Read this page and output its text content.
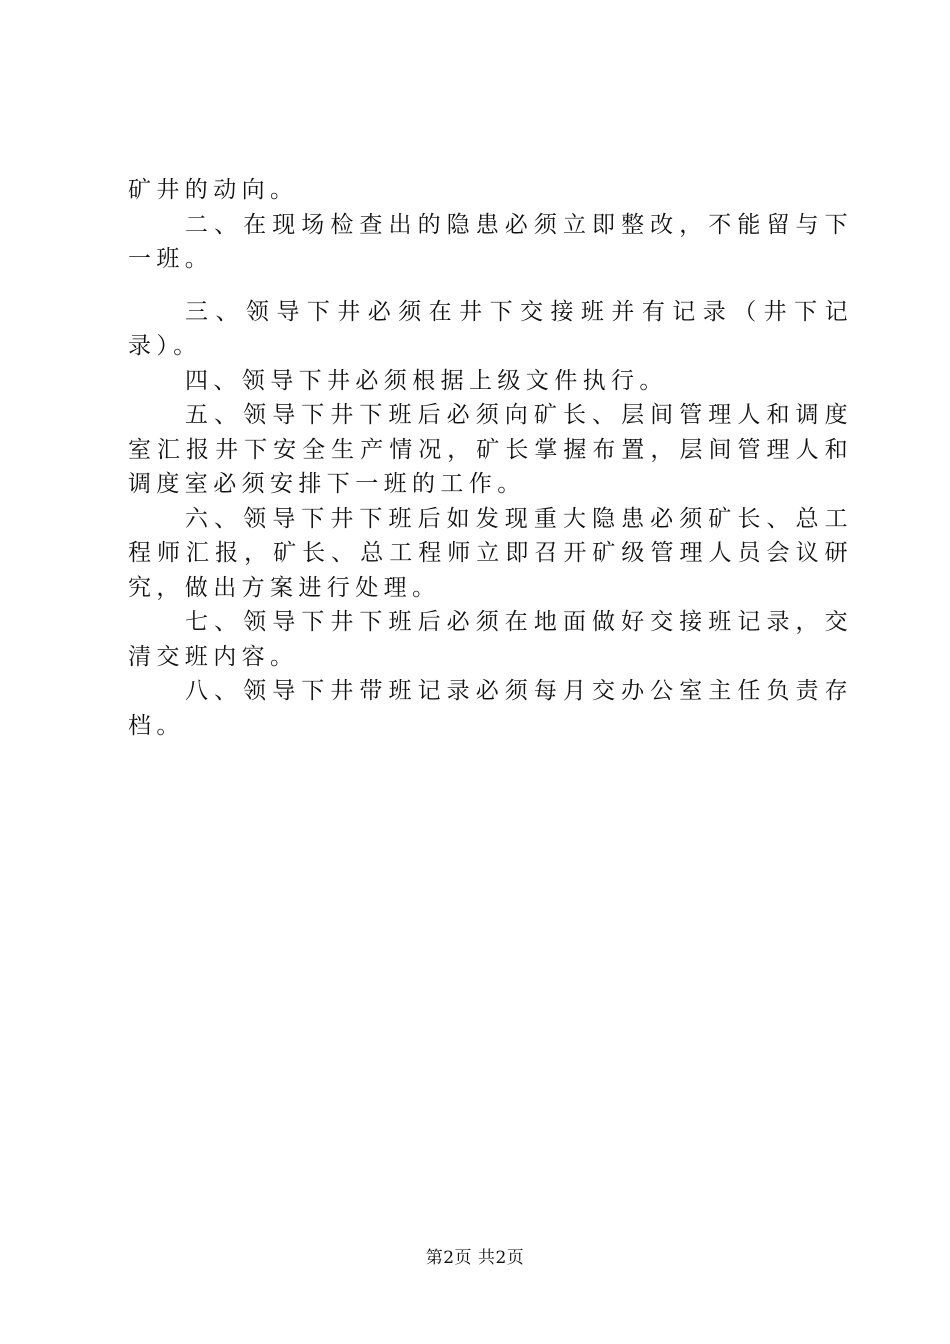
矿井的动向。

二、在现场检查出的隐患必须立即整改，不能留与下一班。

三、领导下井必须在井下交接班并有记录（井下记录）。

四、领导下井必须根据上级文件执行。

五、领导下井下班后必须向矿长、层间管理人和调度室汇报井下安全生产情况，矿长掌握布置，层间管理人和调度室必须安排下一班的工作。

六、领导下井下班后如发现重大隐患必须矿长、总工程师汇报，矿长、总工程师立即召开矿级管理人员会议研究，做出方案进行处理。

七、领导下井下班后必须在地面做好交接班记录，交清交班内容。

八、领导下井带班记录必须每月交办公室主任负责存档。

第2页 共2页
